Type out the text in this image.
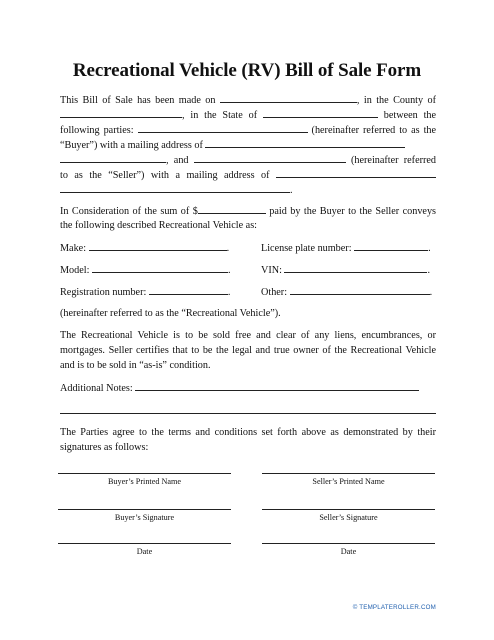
Recreational Vehicle (RV) Bill of Sale Form
This Bill of Sale has been made on	, in the County of
, in the State of	between the
following parties:	(hereinafter referred to as the
“Buyer”) with a mailing address of
, and	(hereinafter referred
to as the “Seller”) with a mailing address of
.
In Consideration of the sum of $	paid by the Buyer to the Seller conveys
the following described Recreational Vehicle as:
Make:	.	License plate number:	.
Model:	.	VIN:	.
Registration number:	.	Other:	.
(hereinafter referred to as the “Recreational Vehicle”).
The Recreational Vehicle is to be sold free and clear of any liens, encumbrances, or
mortgages. Seller certifies that to be the legal and true owner of the Recreational Vehicle
and is to be sold in “as-is” condition.
Additional Notes:
The Parties agree to the terms and conditions set forth above as demonstrated by their
signatures as follows:
Buyer’s Printed Name	Seller’s Printed Name
Buyer’s Signature	Seller’s Signature
Date	Date
© TEMPLATEROLLER.COM
